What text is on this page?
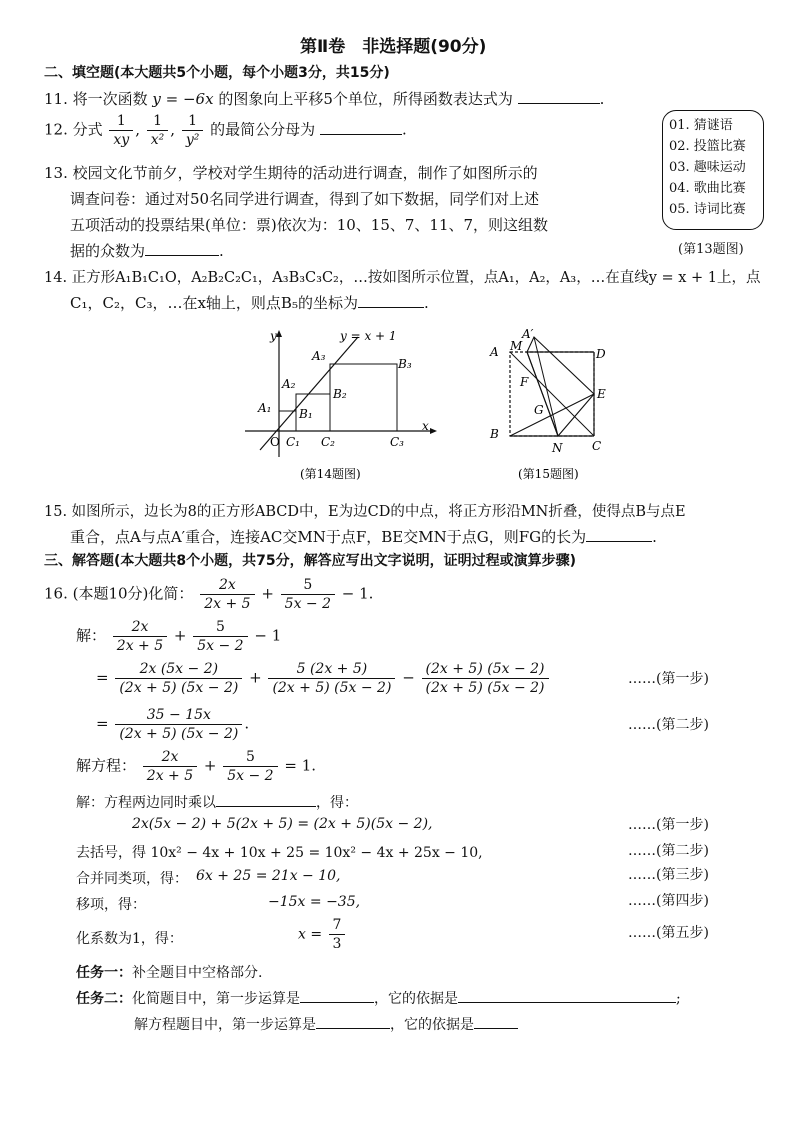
第Ⅱ卷　非选择题(90分)
二、填空题(本大题共5个小题，每个小题3分，共15分)
11. 将一次函数 y = −6x 的图象向上平移5个单位，所得函数表达式为	.
12. 分式 $\frac{1}{xy}$ , $\frac{1}{\text{x²}}$ , $\frac{1}{\text{y²}}$ 的最简公分母为	.	01. 猜谜语
02. 投篮比赛
03. 趣味运动
04. 歌曲比赛
05. 诗词比赛
(第13题图)
13. 校园文化节前夕，学校对学生期待的活动进行调查，制作了如图所示的
调查问卷：通过对50名同学进行调查，得到了如下数据，同学们对上述
五项活动的投票结果(单位：票)依次为：10、15、7、11、7，则这组数
据的众数为	.
14. 正方形A₁B₁C₁O，A₂B₂C₂C₁，A₃B₃C₃C₂，…按如图所示位置，点A₁，A₂，A₃，…在直线y = x + 1上，点
C₁，C₂，C₃，…在x轴上，则点B₅的坐标为	.
y
x
O
y = x + 1
A₁
A₂
A₃
B₁
B₂
B₃
C₁ C₂	C₃
(第14题图)
A
A′
M
D
F
E
G
B
N C
(第15题图)
15. 如图所示，边长为8的正方形ABCD中，E为边CD的中点，将正方形沿MN折叠，使得点B与点E
重合，点A与点A′重合，连接AC交MN于点F，BE交MN于点G，则FG的长为	.
三、解答题(本大题共8个小题，共75分，解答应写出文字说明，证明过程或演算步骤)
16. (本题10分)化简： $\frac{2x}{2x + 5} + \frac{5}{5x - 2} - 1$.
解： $\frac{2x}{2x + 5} + \frac{5}{5x - 2} - 1$
= $\frac{2x (5x - 2)}{(2x + 5) (5x - 2)} + \frac{5 (2x + 5)}{(2x + 5) (5x - 2)} - \frac{(2x + 5) (5x - 2)}{(2x + 5) (5x - 2)}$	……(第一步)
= $\frac{35 - 15x}{(2x + 5) (5x - 2)}$ .	……(第二步)
解方程： $\frac{2x}{2x + 5} + \frac{5}{5x - 2} = 1$.
解：方程两边同时乘以	，得：
2x(5x − 2) + 5(2x + 5) = (2x + 5)(5x − 2),	……(第一步)
去括号，得 10x² − 4x + 10x + 25 = 10x² − 4x + 25x − 10,	……(第二步)
合并同类项，得： 6x + 25 = 21x − 10,	……(第三步)
移项，得：	−15x = −35,	……(第四步)
化系数为1，得：	$x = \frac{7}{3}$	……(第五步)
任务一：补全题目中空格部分.
任务二：化简题目中，第一步运算是	，它的依据是	;
解方程题目中，第一步运算是	，它的依据是
